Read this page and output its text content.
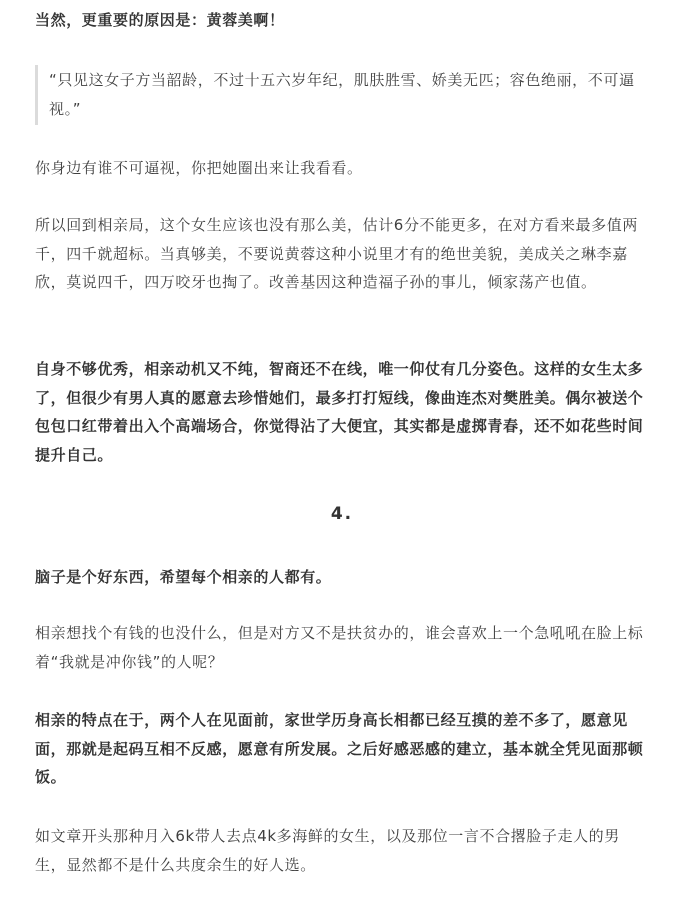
当然，更重要的原因是：黄蓉美啊！

“只见这女子方当韶龄，不过十五六岁年纪，肌肤胜雪、娇美无匹；容色绝丽，不可逼视。”

你身边有谁不可逼视，你把她圈出来让我看看。

所以回到相亲局，这个女生应该也没有那么美，估计6分不能更多，在对方看来最多值两千，四千就超标。当真够美，不要说黄蓉这种小说里才有的绝世美貌，美成关之琳李嘉欣，莫说四千，四万咬牙也掏了。改善基因这种造福子孙的事儿，倾家荡产也值。

自身不够优秀，相亲动机又不纯，智商还不在线，唯一仰仗有几分姿色。这样的女生太多了，但很少有男人真的愿意去珍惜她们，最多打打短线，像曲连杰对樊胜美。偶尔被送个包包口红带着出入个高端场合，你觉得沾了大便宜，其实都是虚掷青春，还不如花些时间提升自己。

4.

脑子是个好东西，希望每个相亲的人都有。

相亲想找个有钱的也没什么，但是对方又不是扶贫办的，谁会喜欢上一个急吼吼在脸上标着“我就是冲你钱”的人呢？

相亲的特点在于，两个人在见面前，家世学历身高长相都已经互摸的差不多了，愿意见面，那就是起码互相不反感，愿意有所发展。之后好感恶感的建立，基本就全凭见面那顿饭。

如文章开头那种月入6k带人去点4k多海鲜的女生，以及那位一言不合撂脸子走人的男生，显然都不是什么共度余生的好人选。
